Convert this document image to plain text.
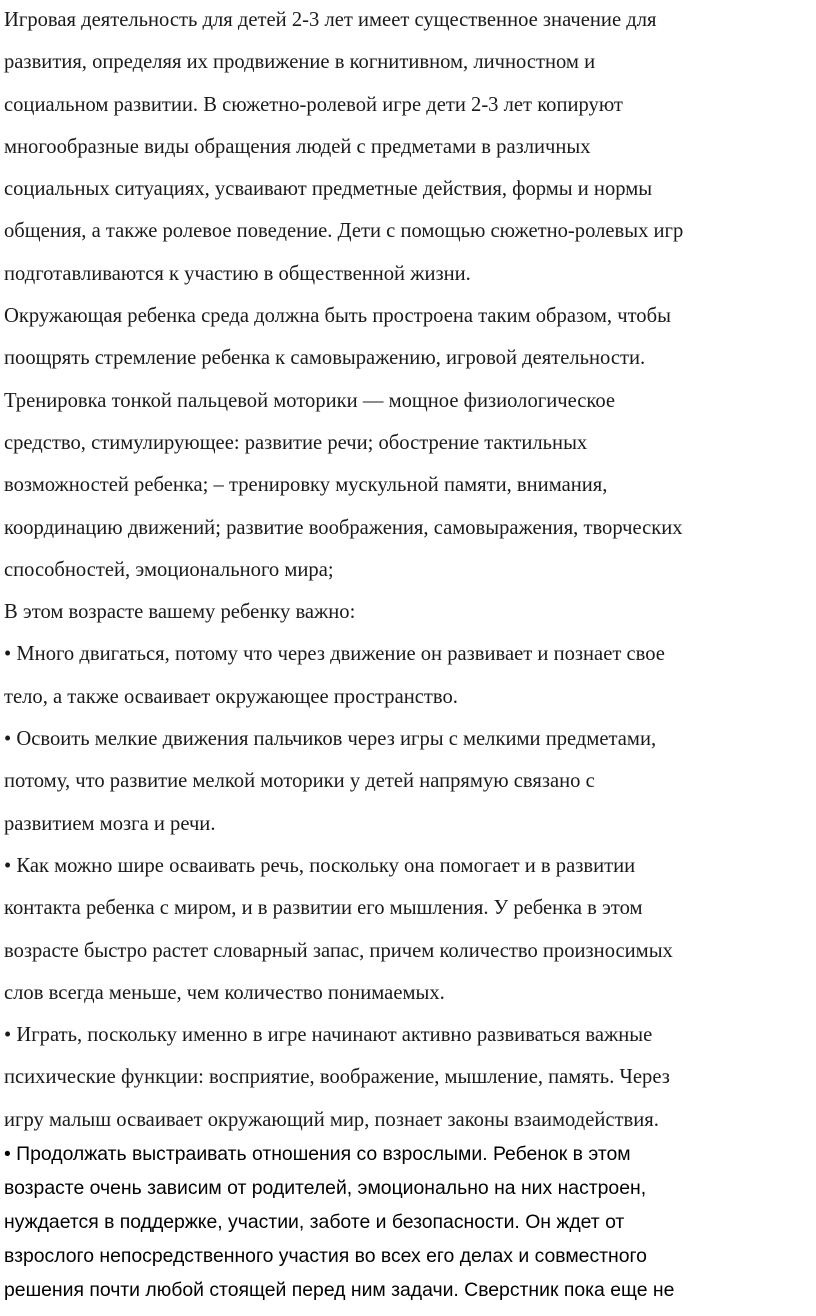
Игровая деятельность для детей 2-3 лет имеет существенное значение для
развития, определяя их продвижение в когнитивном, личностном и
социальном развитии. В сюжетно-ролевой игре дети 2-3 лет копируют
многообразные виды обращения людей с предметами в различных
социальных ситуациях, усваивают предметные действия, формы и нормы
общения, а также ролевое поведение. Дети с помощью сюжетно-ролевых игр
подготавливаются к участию в общественной жизни.
Окружающая ребенка среда должна быть простроена таким образом, чтобы
поощрять стремление ребенка к самовыражению, игровой деятельности.
Тренировка тонкой пальцевой моторики — мощное физиологическое
средство, стимулирующее: развитие речи; обострение тактильных
возможностей ребенка; – тренировку мускульной памяти, внимания,
координацию движений; развитие воображения, самовыражения, творческих
способностей, эмоционального мира;
В этом возрасте вашему ребенку важно:
• Много двигаться, потому что через движение он развивает и познает свое
тело, а также осваивает окружающее пространство.
• Освоить мелкие движения пальчиков через игры с мелкими предметами,
потому, что развитие мелкой моторики у детей напрямую связано с
развитием мозга и речи.
• Как можно шире осваивать речь, поскольку она помогает и в развитии
контакта ребенка с миром, и в развитии его мышления. У ребенка в этом
возрасте быстро растет словарный запас, причем количество произносимых
слов всегда меньше, чем количество понимаемых.
• Играть, поскольку именно в игре начинают активно развиваться важные
психические функции: восприятие, воображение, мышление, память. Через
игру малыш осваивает окружающий мир, познает законы взаимодействия.
• Продолжать выстраивать отношения со взрослыми. Ребенок в этом
возрасте очень зависим от родителей, эмоционально на них настроен,
нуждается в поддержке, участии, заботе и безопасности. Он ждет от
взрослого непосредственного участия во всех его делах и совместного
решения почти любой стоящей перед ним задачи. Сверстник пока еще не
